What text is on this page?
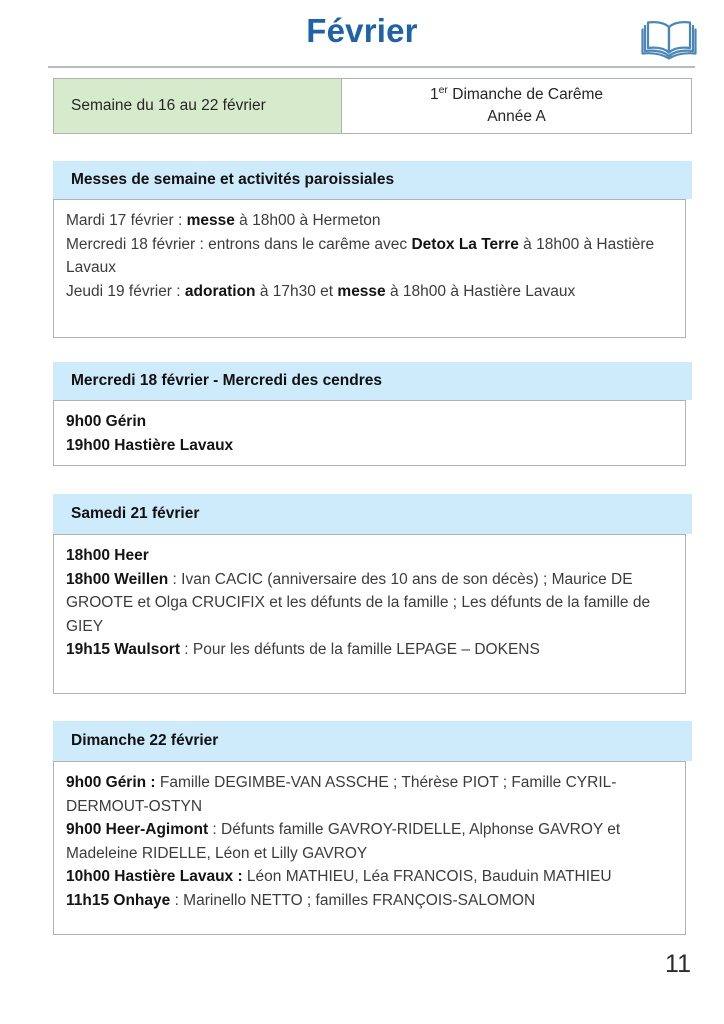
Février
Semaine du 16 au 22 février
1er Dimanche de Carême
Année A
Messes de semaine et activités paroissiales
Mardi 17 février : messe à 18h00 à Hermeton
Mercredi 18 février : entrons dans le carême avec Detox La Terre à 18h00 à Hastière Lavaux
Jeudi 19 février : adoration à 17h30 et messe à 18h00 à Hastière Lavaux
Mercredi 18 février - Mercredi des cendres
9h00 Gérin
19h00 Hastière Lavaux
Samedi 21 février
18h00 Heer
18h00 Weillen : Ivan CACIC (anniversaire des 10 ans de son décès) ; Maurice DE GROOTE et Olga CRUCIFIX et les défunts de la famille ; Les défunts de la famille de GIEY
19h15 Waulsort : Pour les défunts de la famille LEPAGE – DOKENS
Dimanche 22 février
9h00 Gérin : Famille DEGIMBE-VAN ASSCHE ; Thérèse PIOT ; Famille CYRIL-DERMOUT-OSTYN
9h00 Heer-Agimont : Défunts famille GAVROY-RIDELLE, Alphonse GAVROY et Madeleine RIDELLE, Léon et Lilly GAVROY
10h00 Hastière Lavaux : Léon MATHIEU, Léa FRANCOIS, Bauduin MATHIEU
11h15 Onhaye : Marinello NETTO ; familles FRANÇOIS-SALOMON
11
